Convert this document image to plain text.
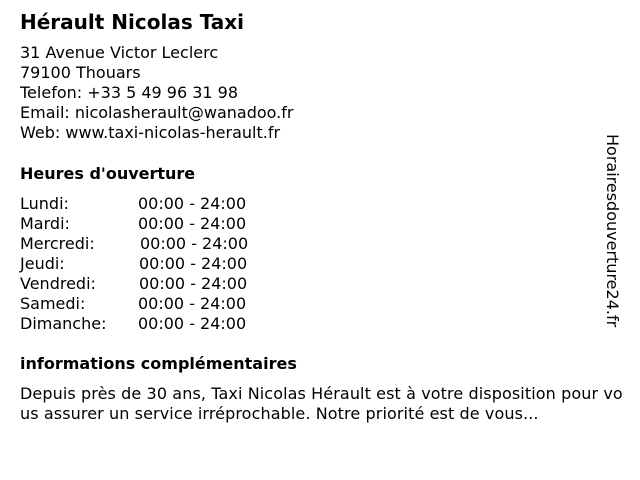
Hérault Nicolas Taxi
31 Avenue Victor Leclerc
79100 Thouars
Telefon: +33 5 49 96 31 98
Email: nicolasherault@wanadoo.fr
Web: www.taxi-nicolas-herault.fr
Heures d'ouverture
Lundi:	00:00 - 24:00
Mardi:	00:00 - 24:00
Mercredi:	00:00 - 24:00
Jeudi:	00:00 - 24:00
Vendredi:	00:00 - 24:00
Samedi:	00:00 - 24:00
Dimanche: 00:00 - 24:00
informations complémentaires
Depuis près de 30 ans, Taxi Nicolas Hérault est à votre disposition pour vous assurer un service irréprochable. Notre priorité est de vous...
Horairesdouverture24.fr
